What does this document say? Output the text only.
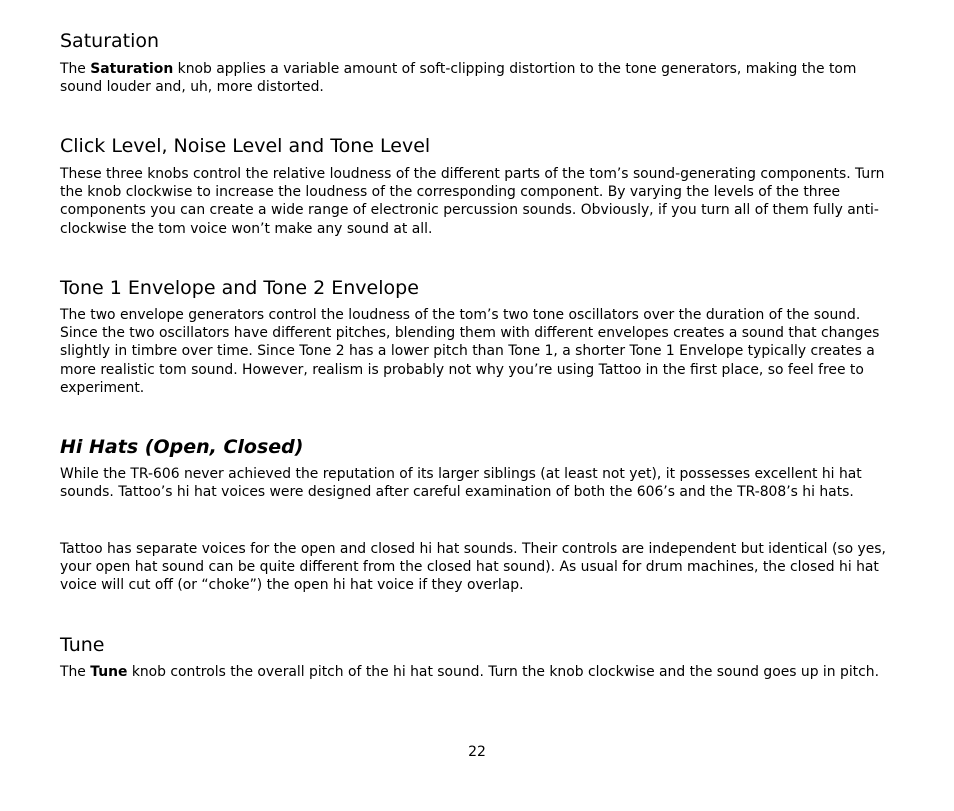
Saturation

The Saturation knob applies a variable amount of soft-clipping distortion to the tone generators, making the tom sound louder and, uh, more distorted.

Click Level, Noise Level and Tone Level

These three knobs control the relative loudness of the different parts of the tom’s sound-generating components. Turn the knob clockwise to increase the loudness of the corresponding component. By varying the levels of the three components you can create a wide range of electronic percussion sounds. Obviously, if you turn all of them fully anti-clockwise the tom voice won’t make any sound at all.

Tone 1 Envelope and Tone 2 Envelope

The two envelope generators control the loudness of the tom’s two tone oscillators over the duration of the sound. Since the two oscillators have different pitches, blending them with different envelopes creates a sound that changes slightly in timbre over time. Since Tone 2 has a lower pitch than Tone 1, a shorter Tone 1 Envelope typically creates a more realistic tom sound. However, realism is probably not why you’re using Tattoo in the first place, so feel free to experiment.

Hi Hats (Open, Closed)

While the TR-606 never achieved the reputation of its larger siblings (at least not yet), it possesses excellent hi hat sounds. Tattoo’s hi hat voices were designed after careful examination of both the 606’s and the TR-808’s hi hats.

Tattoo has separate voices for the open and closed hi hat sounds. Their controls are independent but identical (so yes, your open hat sound can be quite different from the closed hat sound). As usual for drum machines, the closed hi hat voice will cut off (or “choke”) the open hi hat voice if they overlap.

Tune

The Tune knob controls the overall pitch of the hi hat sound. Turn the knob clockwise and the sound goes up in pitch.

22
